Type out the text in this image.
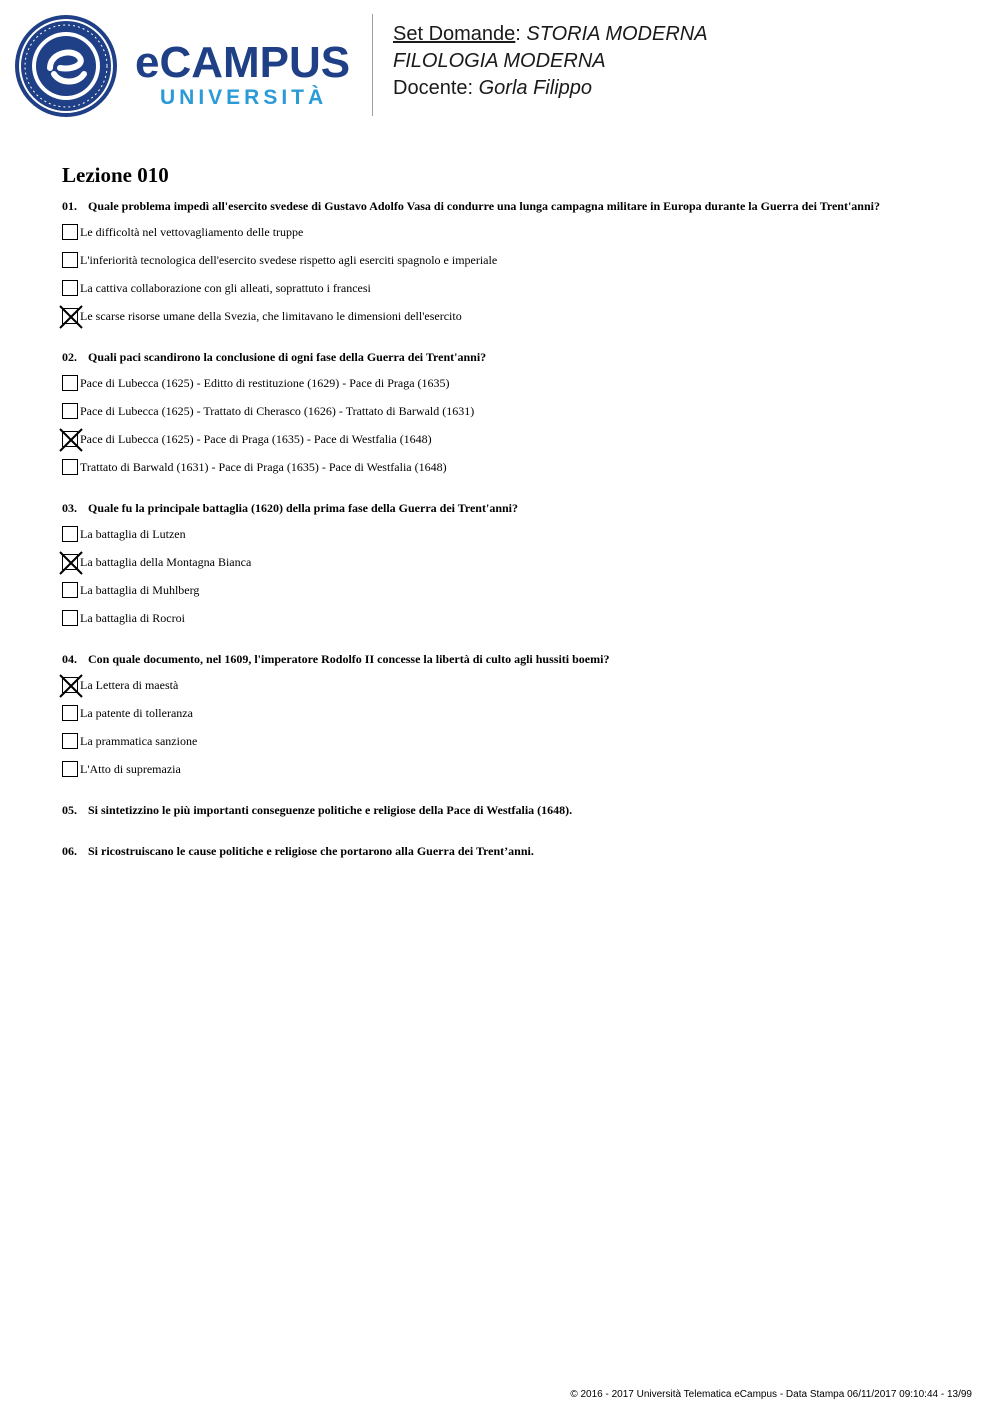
eCAMPUS
UNIVERSITÀ
Set Domande: STORIA MODERNA
FILOLOGIA MODERNA
Docente: Gorla Filippo
Lezione 010
01. Quale problema impedì all'esercito svedese di Gustavo Adolfo Vasa di condurre una lunga campagna militare in Europa durante la Guerra dei Trent'anni?
Le difficoltà nel vettovagliamento delle truppe
L'inferiorità tecnologica dell'esercito svedese rispetto agli eserciti spagnolo e imperiale
La cattiva collaborazione con gli alleati, soprattuto i francesi
Le scarse risorse umane della Svezia, che limitavano le dimensioni dell'esercito
02. Quali paci scandirono la conclusione di ogni fase della Guerra dei Trent'anni?
Pace di Lubecca (1625) - Editto di restituzione (1629) - Pace di Praga (1635)
Pace di Lubecca (1625) - Trattato di Cherasco (1626) - Trattato di Barwald (1631)
Pace di Lubecca (1625) - Pace di Praga (1635) - Pace di Westfalia (1648)
Trattato di Barwald (1631) - Pace di Praga (1635) - Pace di Westfalia (1648)
03. Quale fu la principale battaglia (1620) della prima fase della Guerra dei Trent'anni?
La battaglia di Lutzen
La battaglia della Montagna Bianca
La battaglia di Muhlberg
La battaglia di Rocroi
04. Con quale documento, nel 1609, l'imperatore Rodolfo II concesse la libertà di culto agli hussiti boemi?
La Lettera di maestà
La patente di tolleranza
La prammatica sanzione
L'Atto di supremazia
05. Si sintetizzino le più importanti conseguenze politiche e religiose della Pace di Westfalia (1648).
06. Si ricostruiscano le cause politiche e religiose che portarono alla Guerra dei Trent’anni.
© 2016 - 2017 Università Telematica eCampus - Data Stampa 06/11/2017 09:10:44 - 13/99
